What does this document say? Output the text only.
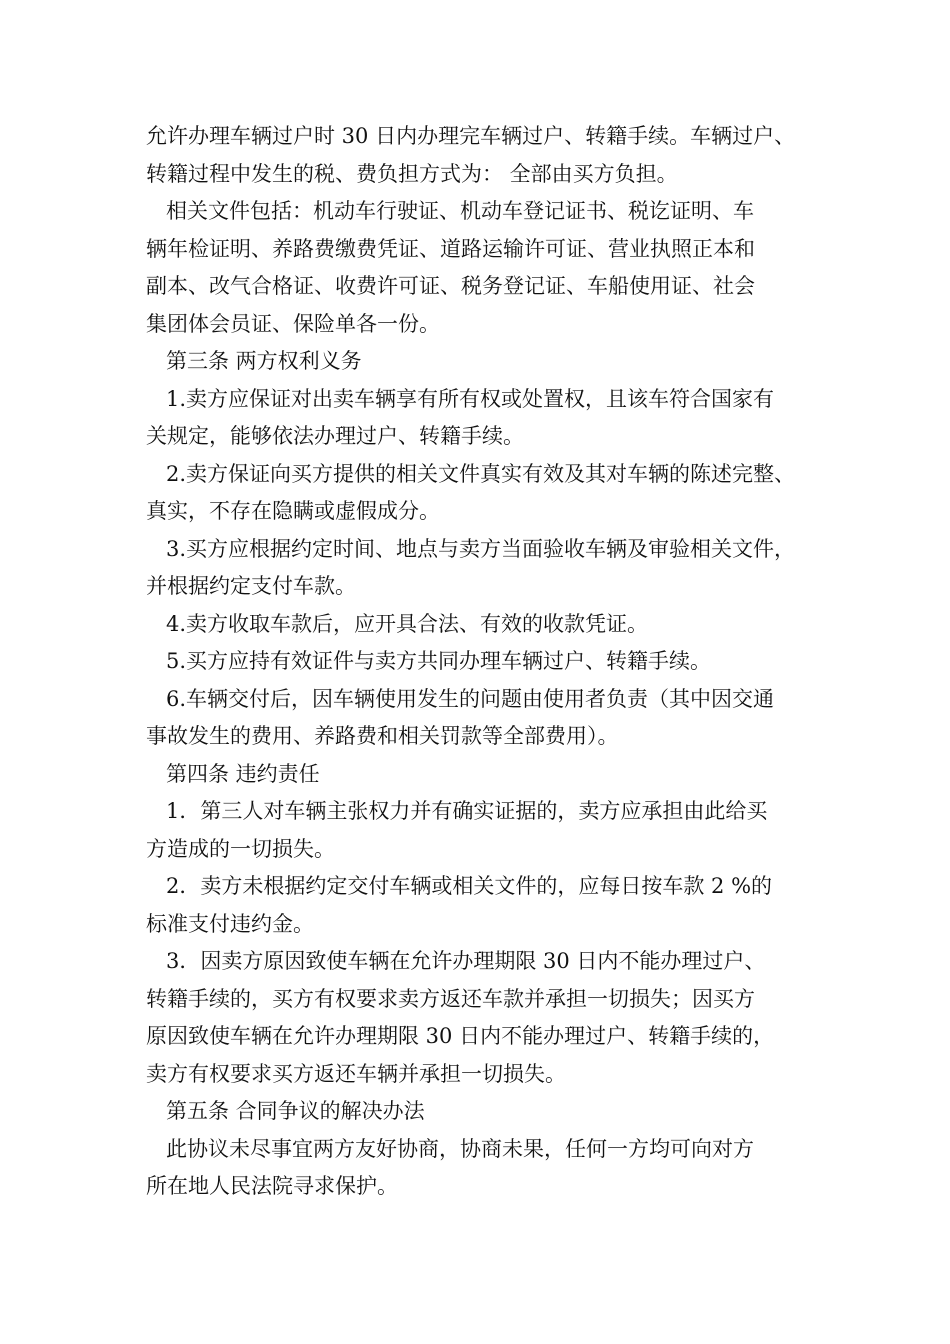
允许办理车辆过户时 30 日内办理完车辆过户、转籍手续。车辆过户、
转籍过程中发生的税、费负担方式为： 全部由买方负担。
相关文件包括：机动车行驶证、机动车登记证书、税讫证明、车
辆年检证明、养路费缴费凭证、道路运输许可证、营业执照正本和
副本、改气合格证、收费许可证、税务登记证、车船使用证、社会
集团体会员证、保险单各一份。
第三条 两方权利义务
1.卖方应保证对出卖车辆享有所有权或处置权，且该车符合国家有
关规定，能够依法办理过户、转籍手续。
2.卖方保证向买方提供的相关文件真实有效及其对车辆的陈述完整、
真实，不存在隐瞒或虚假成分。
3.买方应根据约定时间、地点与卖方当面验收车辆及审验相关文件，
并根据约定支付车款。
4.卖方收取车款后，应开具合法、有效的收款凭证。
5.买方应持有效证件与卖方共同办理车辆过户、转籍手续。
6.车辆交付后，因车辆使用发生的问题由使用者负责（其中因交通
事故发生的费用、养路费和相关罚款等全部费用）。
第四条 违约责任
1．第三人对车辆主张权力并有确实证据的，卖方应承担由此给买
方造成的一切损失。
2．卖方未根据约定交付车辆或相关文件的，应每日按车款 2 %的
标准支付违约金。
3．因卖方原因致使车辆在允许办理期限 30 日内不能办理过户、
转籍手续的，买方有权要求卖方返还车款并承担一切损失；因买方
原因致使车辆在允许办理期限 30 日内不能办理过户、转籍手续的，
卖方有权要求买方返还车辆并承担一切损失。
第五条 合同争议的解决办法
此协议未尽事宜两方友好协商，协商未果，任何一方均可向对方
所在地人民法院寻求保护。
